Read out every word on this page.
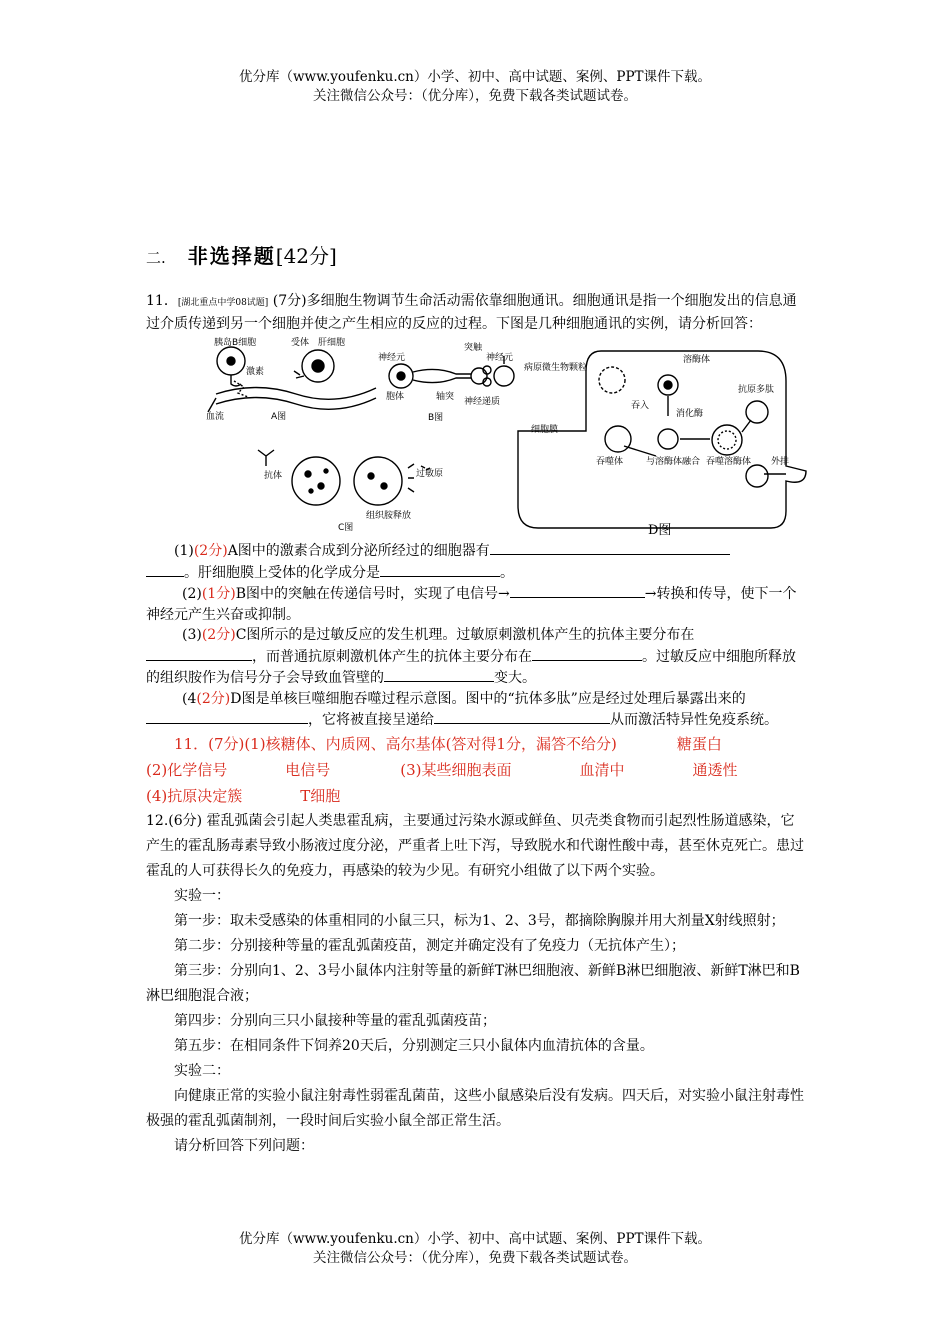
优分库（www.youfenku.cn）小学、初中、高中试题、案例、PPT课件下载。
关注微信公众号：（优分库），免费下载各类试题试卷。
二. 非选择题[42分]

11．[湖北重点中学08试题] (7分)多细胞生物调节生命活动需依靠细胞通讯。细胞通讯是指一个细胞发出的信息通过介质传递到另一个细胞并使之产生相应的反应的过程。下图是几种细胞通讯的实例，请分析回答：

胰岛B细胞	受体 肝细胞
激素
血流	A图
神经元
突触
神经元
胞体	轴突 神经递质
B图
抗体	过敏原
组织胺释放
C图
病原微生物颗粒
细胞膜
吞入
溶酶体
消化酶
抗原多肽
吞噬体	与溶酶体融合 吞噬溶酶体 外排
D图

(1)(2分)A图中的激素合成到分泌所经过的细胞器有
。肝细胞膜上受体的化学成分是	。

(2)(1分)B图中的突触在传递信号时，实现了电信号→	→转换和传导，使下一个神经元产生兴奋或抑制。

(3)(2分)C图所示的是过敏反应的发生机理。过敏原刺激机体产生的抗体主要分布在
，而普通抗原刺激机体产生的抗体主要分布在	。过敏反应中细胞所释放的组织胺作为信号分子会导致血管壁的	变大。

(4(2分)D图是单核巨噬细胞吞噬过程示意图。图中的“抗体多肽”应是经过处理后暴露出来的，它将被直接呈递给	从而激活特异性免疫系统。

11．(7分)(1)核糖体、内质网、高尔基体(答对得1分，漏答不给分)	糖蛋白
(2)化学信号	电信号	(3)某些细胞表面	血清中	通透性
(4)抗原决定簇	T细胞

12.(6分) 霍乱弧菌会引起人类患霍乱病，主要通过污染水源或鲜鱼、贝壳类食物而引起烈性肠道感染，它产生的霍乱肠毒素导致小肠液过度分泌，严重者上吐下泻，导致脱水和代谢性酸中毒，甚至休克死亡。患过霍乱的人可获得长久的免疫力，再感染的较为少见。有研究小组做了以下两个实验。

实验一：

第一步：取未受感染的体重相同的小鼠三只，标为1、2、3号，都摘除胸腺并用大剂量X射线照射；

第二步：分别接种等量的霍乱弧菌疫苗，测定并确定没有了免疫力（无抗体产生）；

第三步：分别向1、2、3号小鼠体内注射等量的新鲜T淋巴细胞液、新鲜B淋巴细胞液、新鲜T淋巴和B淋巴细胞混合液；

第四步：分别向三只小鼠接种等量的霍乱弧菌疫苗；

第五步：在相同条件下饲养20天后，分别测定三只小鼠体内血清抗体的含量。

实验二：

向健康正常的实验小鼠注射毒性弱霍乱菌苗，这些小鼠感染后没有发病。四天后，对实验小鼠注射毒性极强的霍乱弧菌制剂，一段时间后实验小鼠全部正常生活。

请分析回答下列问题：

优分库（www.youfenku.cn）小学、初中、高中试题、案例、PPT课件下载。
关注微信公众号：（优分库），免费下载各类试题试卷。
